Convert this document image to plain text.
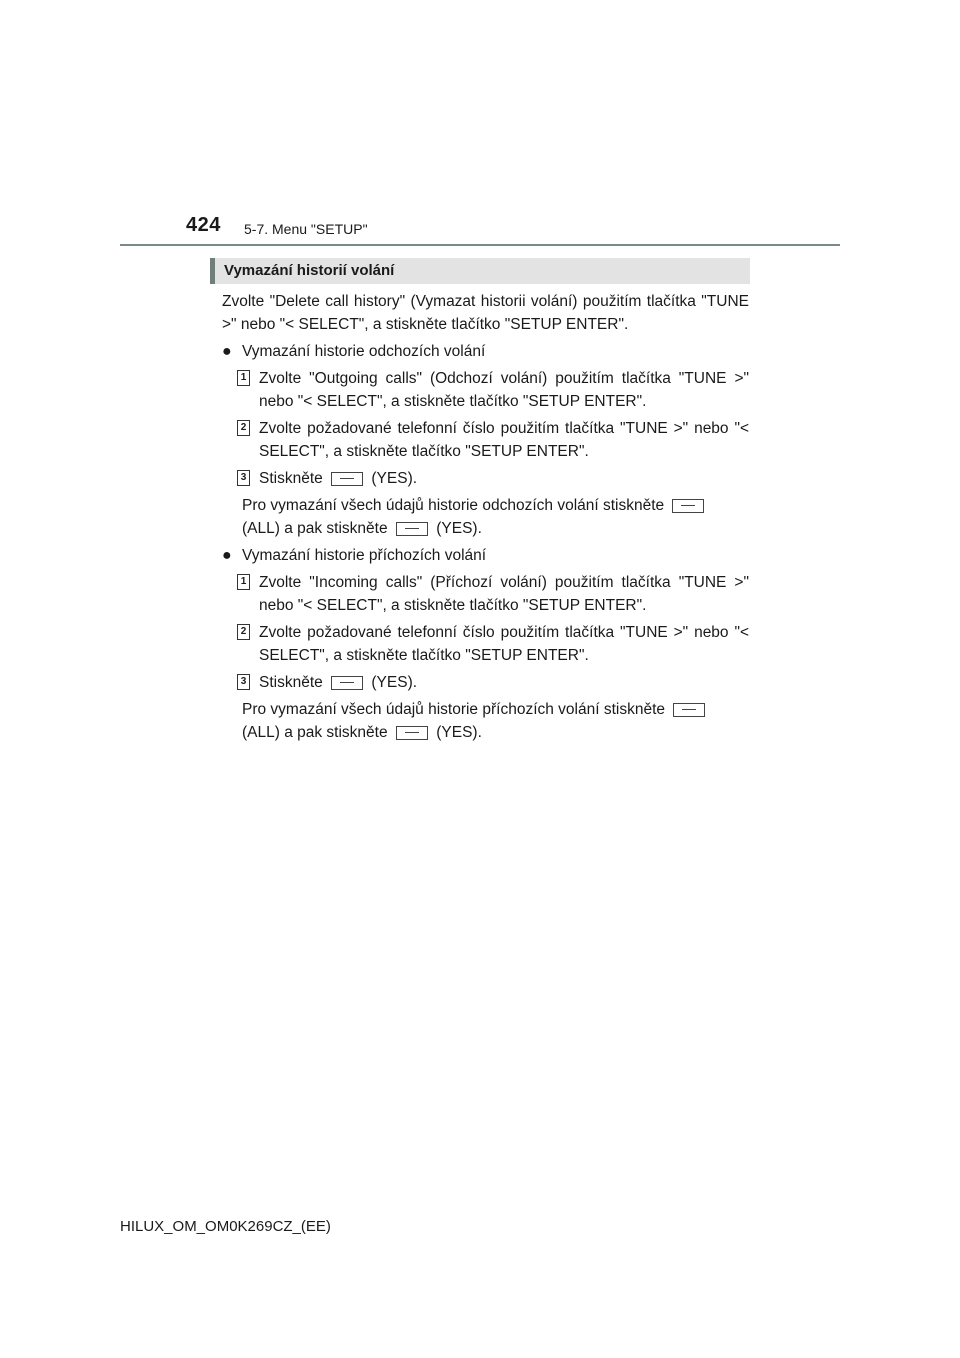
424 5-7. Menu "SETUP"
Vymazání historií volání

Zvolte "Delete call history" (Vymazat historii volání) použitím tlačítka "TUNE >" nebo "< SELECT", a stiskněte tlačítko "SETUP ENTER".

● Vymazání historie odchozích volání
1 Zvolte "Outgoing calls" (Odchozí volání) použitím tlačítka "TUNE >" nebo "< SELECT", a stiskněte tlačítko "SETUP ENTER".
2 Zvolte požadované telefonní číslo použitím tlačítka "TUNE >" nebo "< SELECT", a stiskněte tlačítko "SETUP ENTER".
3 Stiskněte	(YES).
Pro vymazání všech údajů historie odchozích volání stiskněte
(ALL) a pak stiskněte	(YES).
● Vymazání historie příchozích volání
1 Zvolte "Incoming calls" (Příchozí volání) použitím tlačítka "TUNE >" nebo "< SELECT", a stiskněte tlačítko "SETUP ENTER".
2 Zvolte požadované telefonní číslo použitím tlačítka "TUNE >" nebo "< SELECT", a stiskněte tlačítko "SETUP ENTER".
3 Stiskněte	(YES).
Pro vymazání všech údajů historie příchozích volání stiskněte
(ALL) a pak stiskněte	(YES).
HILUX_OM_OM0K269CZ_(EE)
